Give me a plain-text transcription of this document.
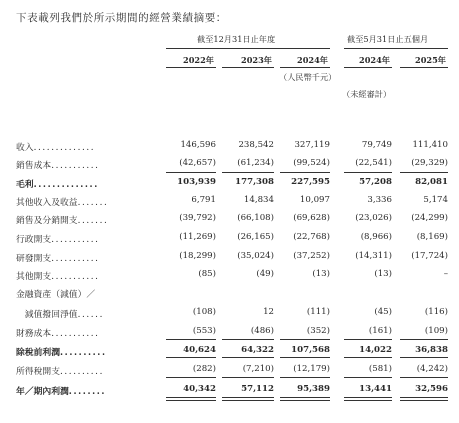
下表載列我們於所示期間的經營業績摘要：
截至12月31日止年度	截至5月31日止五個月
2022年	2023年	2024年	2024年	2025年
（人民幣千元）
（未經審計）
收入..............	146,596	238,542 327,119	79,749 111,410
銷售成本...........	(42,657) (61,234) (99,524)	(22,541) (29,329)
毛利..............	103,939 177,308 227,595	57,208	82,081
其他收入及收益.......	6,791	14,834	10,097	3,336	5,174
銷售及分銷開支.......	(39,792) (66,108) (69,628)	(23,026) (24,299)
行政開支...........	(11,269) (26,165) (22,768)	(8,966)	(8,169)
研發開支...........	(18,299) (35,024) (37,252)	(14,311) (17,724)
其他開支...........	(85)	(49)	(13)	(13)	–
金融資產（減值）／
　減值撥回淨值......	(108)	12	(111)	(45)	(116)
財務成本...........	(553)	(486)	(352)	(161)	(109)
除稅前利潤..........	40,624	64,322 107,568	14,022	36,838
所得稅開支..........	(282)	(7,210) (12,179)	(581)	(4,242)
年／期內利潤........	40,342	57,112	95,389	13,441	32,596
